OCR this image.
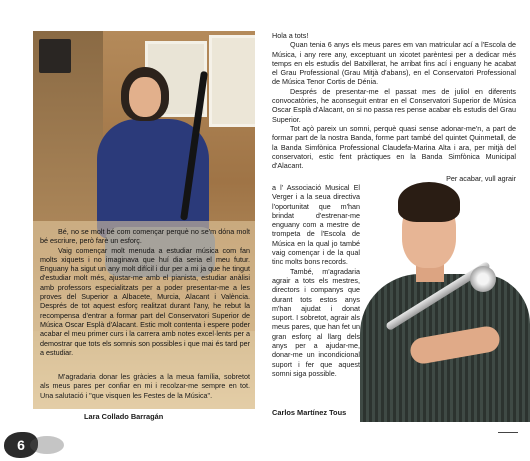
Bé, no se molt bé com començar perquè no se'm dóna molt bé escriure, però farè un esforç.

Vaig començar molt menuda a estudiar música com fan molts xiquets i no imaginava que huí dia seria el meu futur. Enguany ha sigut un any molt difícil i dur per a mi ja que he tingut d'estudiar molt més, ajustar-me amb el pianista, estudiar anàlisi amb professors especialitzats per a poder presentar-me a les proves del Superior a Albacete, Murcia, Alacant i València. Després de tot aquest esforç realitzat durant l'any, he rebut la recompensa d'entrar a formar part del Conservatori Superior de Música Oscar Esplà d'Alacant. Estic molt contenta i espere poder acabar el meu primer curs i la carrera amb notes excel·lents per a demostrar que tots els somnis son possibles i que mai és tard per a estudiar.

M'agradaria donar les gràcies a la meua família, sobretot als meus pares per confiar en mi i recolzar-me sempre en tot. Una salutació i "que visquen les Festes de la Música".

Lara Collado Barragán

Hola a tots!

Quan tenia 6 anys els meus pares em van matricular ací a l'Escola de Música, i any rere any, exceptuant un xicotet parèntesi per a dedicar més temps en els estudis del Batxillerat, he arribat fins ací i enguany he acabat el Grau Professional (Grau Mitjà d'abans), en el Conservatori Professional de Música Tenor Cortis de Dénia.

Després de presentar-me el passat mes de juliol en diferents convocatòries, he aconseguit entrar en el Conservatori Superior de Música Oscar Esplà d'Alacant, on si no passa res pense acabar els estudis del Grau Superior.

Tot açò pareix un somni, perquè quasi sense adonar-me'n, a part de formar part de la nostra Banda, forme part també del quintet Quinmetall, de la Banda Simfònica Professional Claudefa-Marina Alta i ara, per mitjà del conservatori, estic fent pràctiques en la Banda Simfònica Municipal d'Alacant.

Per acabar, vull agrair

a l' Associació Musical El Verger i a la seua directiva l'oportunitat que m'han brindat d'estrenar-me enguany com a mestre de trompeta de l'Escola de Música en la qual jo també vaig començar i de la qual tinc molts bons records.

També, m'agradaria agrair a tots els mestres, directors i companys que durant tots estos anys m'han ajudat i donat suport. I sobretot, agrair als meus pares, que han fet un gran esforç al llarg dels anys per a ajudar-me, donar-me un incondicional suport i fer que aquest somni siga possible.

Carlos Martínez Tous
6
